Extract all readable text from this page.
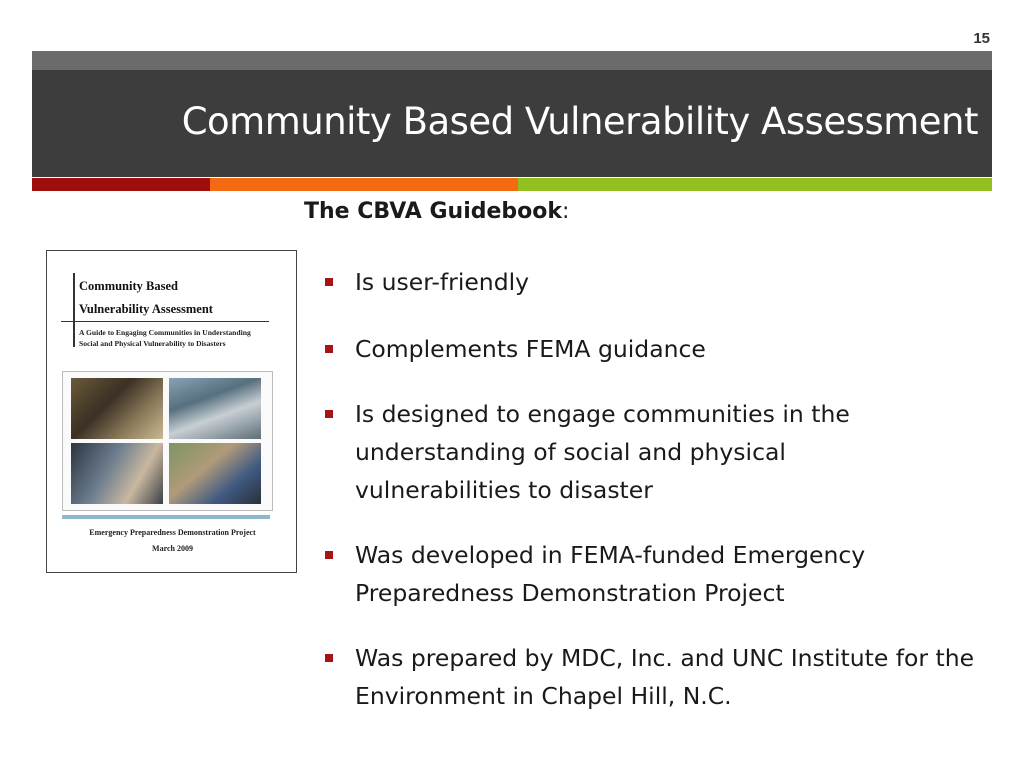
15
Community Based Vulnerability Assessment
The CBVA Guidebook:
Community Based
Vulnerability Assessment
A Guide to Engaging Communities in Understanding
Social and Physical Vulnerability to Disasters
Emergency Preparedness Demonstration Project
March 2009
Is user-friendly
Complements FEMA guidance
Is designed to engage communities in the understanding of social and physical vulnerabilities to disaster
Was developed in FEMA-funded Emergency Preparedness Demonstration Project
Was prepared by MDC, Inc. and UNC Institute for the Environment in Chapel Hill, N.C.
